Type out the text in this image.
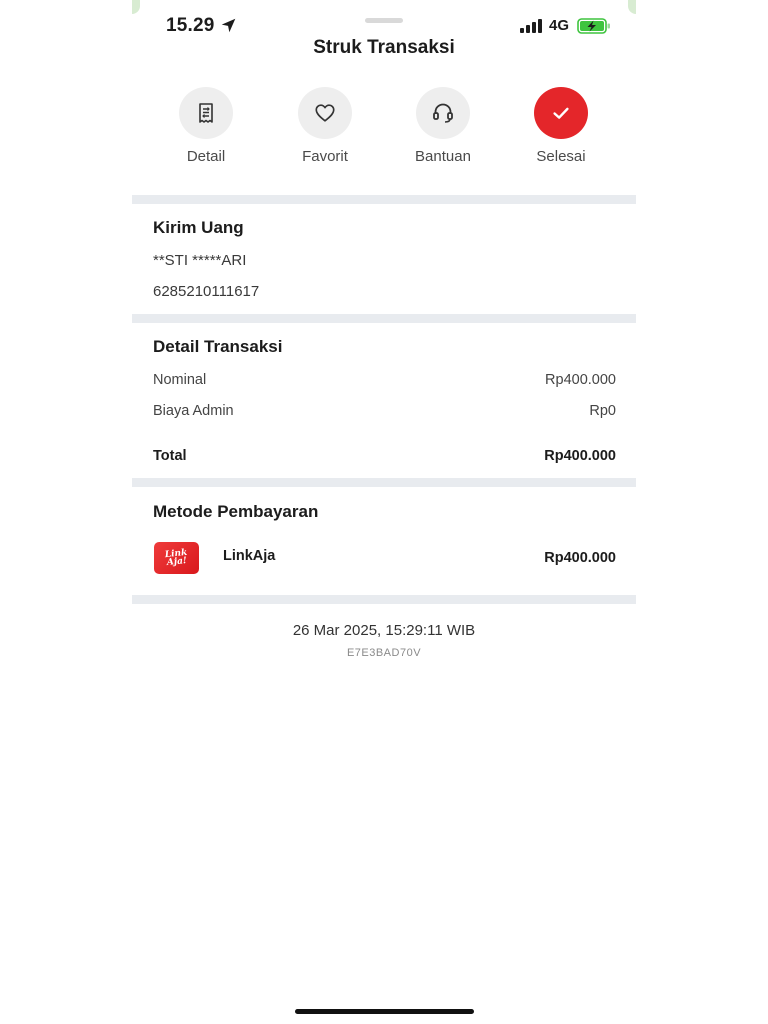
15.29	4G
Struk Transaksi
Detail	Favorit	Bantuan	Selesai
Kirim Uang
**STI *****ARI
6285210111617
Detail Transaksi
Nominal	Rp400.000
Biaya Admin	Rp0
Total	Rp400.000
Metode Pembayaran
Link Aja!	LinkAja	Rp400.000
26 Mar 2025, 15:29:11 WIB
E7E3BAD70V
